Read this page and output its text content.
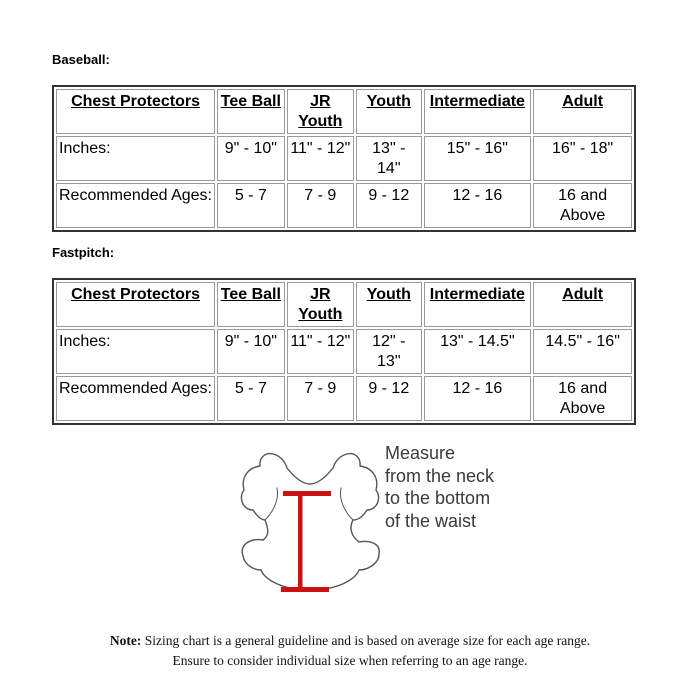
Baseball:

Chest Protectors	Tee Ball	JR Youth	Youth	Intermediate	Adult
Inches:	9" - 10"	11" - 12"	13" - 14"	15" - 16"	16" - 18"
Recommended Ages:	5 - 7	7 - 9	9 - 12	12 - 16	16 and Above

Fastpitch:

Chest Protectors	Tee Ball	JR Youth	Youth	Intermediate	Adult
Inches:	9" - 10"	11" - 12"	12" - 13"	13" - 14.5"	14.5" - 16"
Recommended Ages:	5 - 7	7 - 9	9 - 12	12 - 16	16 and Above

Measure from the neck to the bottom of the waist

Note: Sizing chart is a general guideline and is based on average size for each age range.
Ensure to consider individual size when referring to an age range.
